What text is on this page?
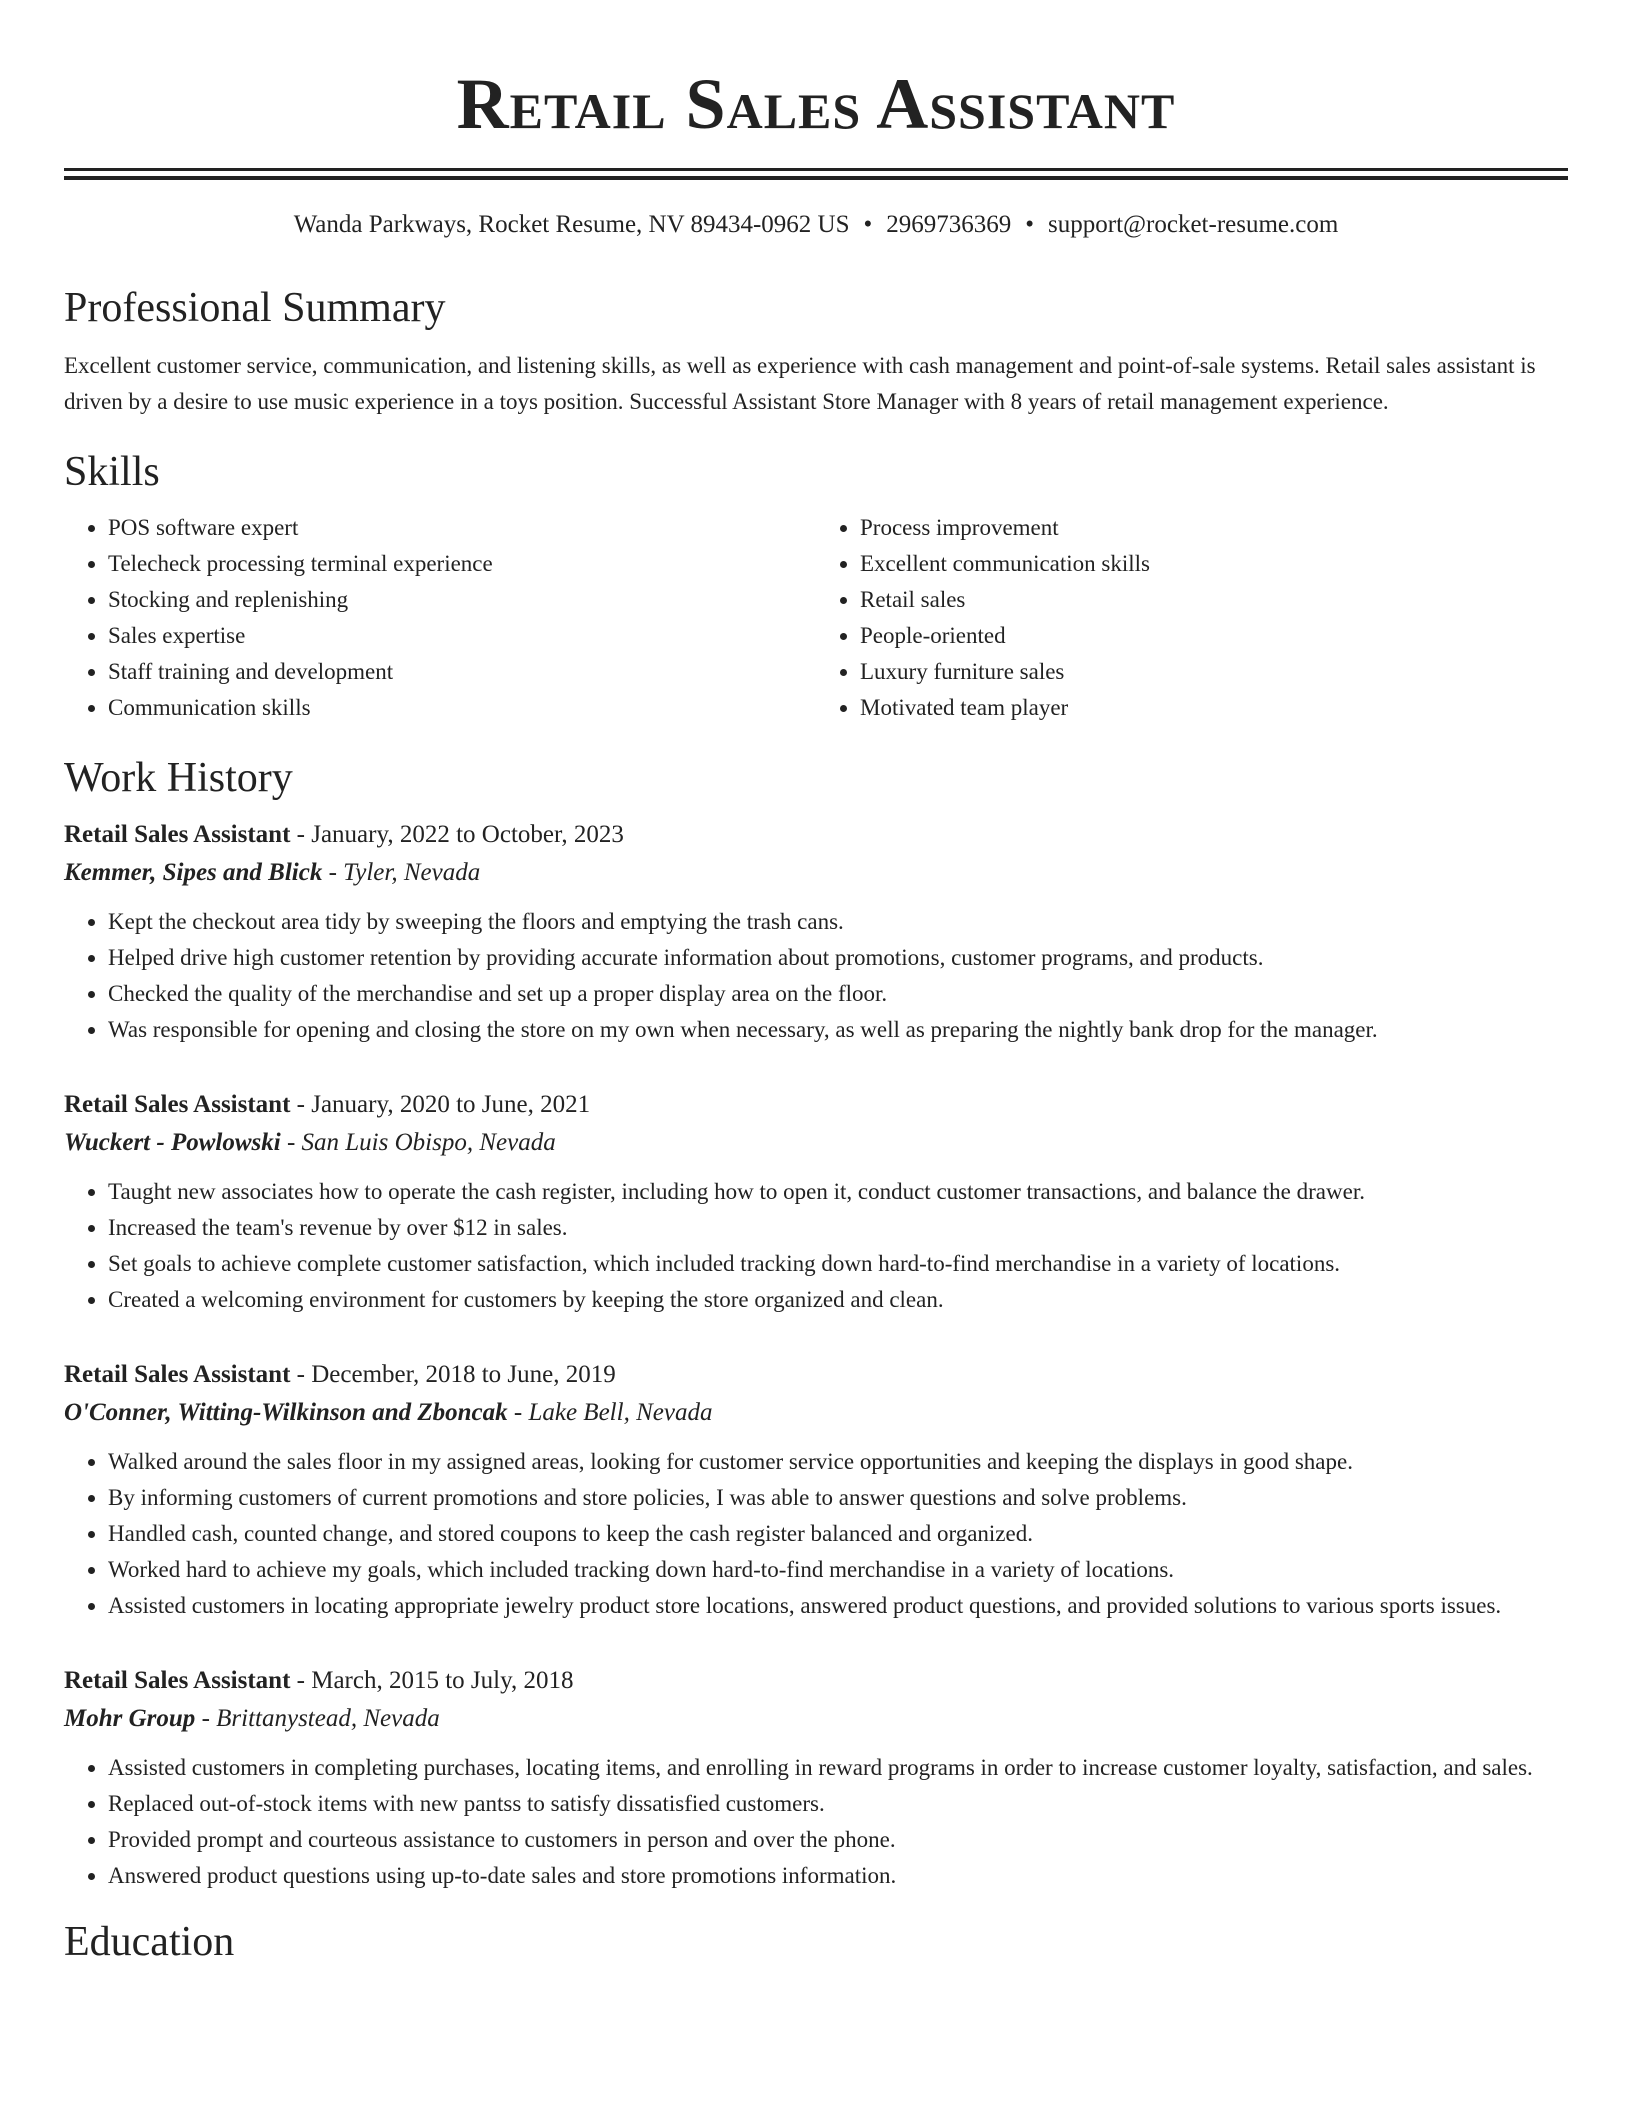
Retail Sales Assistant
Wanda Parkways, Rocket Resume, NV 89434-0962 US • 2969736369 • support@rocket-resume.com
Professional Summary

Excellent customer service, communication, and listening skills, as well as experience with cash management and point-of-sale systems. Retail sales assistant is driven by a desire to use music experience in a toys position. Successful Assistant Store Manager with 8 years of retail management experience.

Skills
• POS software expert
• Telecheck processing terminal experience
• Stocking and replenishing
• Sales expertise
• Staff training and development
• Communication skills
• Process improvement
• Excellent communication skills
• Retail sales
• People-oriented
• Luxury furniture sales
• Motivated team player
Work History
Retail Sales Assistant - January, 2022 to October, 2023
Kemmer, Sipes and Blick - Tyler, Nevada
• Kept the checkout area tidy by sweeping the floors and emptying the trash cans.
• Helped drive high customer retention by providing accurate information about promotions, customer programs, and products.
• Checked the quality of the merchandise and set up a proper display area on the floor.
• Was responsible for opening and closing the store on my own when necessary, as well as preparing the nightly bank drop for the manager.
Retail Sales Assistant - January, 2020 to June, 2021
Wuckert - Powlowski - San Luis Obispo, Nevada
• Taught new associates how to operate the cash register, including how to open it, conduct customer transactions, and balance the drawer.
• Increased the team's revenue by over $12 in sales.
• Set goals to achieve complete customer satisfaction, which included tracking down hard-to-find merchandise in a variety of locations.
• Created a welcoming environment for customers by keeping the store organized and clean.
Retail Sales Assistant - December, 2018 to June, 2019
O'Conner, Witting-Wilkinson and Zboncak - Lake Bell, Nevada
• Walked around the sales floor in my assigned areas, looking for customer service opportunities and keeping the displays in good shape.
• By informing customers of current promotions and store policies, I was able to answer questions and solve problems.
• Handled cash, counted change, and stored coupons to keep the cash register balanced and organized.
• Worked hard to achieve my goals, which included tracking down hard-to-find merchandise in a variety of locations.
• Assisted customers in locating appropriate jewelry product store locations, answered product questions, and provided solutions to various sports issues.
Retail Sales Assistant - March, 2015 to July, 2018
Mohr Group - Brittanystead, Nevada
• Assisted customers in completing purchases, locating items, and enrolling in reward programs in order to increase customer loyalty, satisfaction, and sales.
• Replaced out-of-stock items with new pantss to satisfy dissatisfied customers.
• Provided prompt and courteous assistance to customers in person and over the phone.
• Answered product questions using up-to-date sales and store promotions information.
Education
